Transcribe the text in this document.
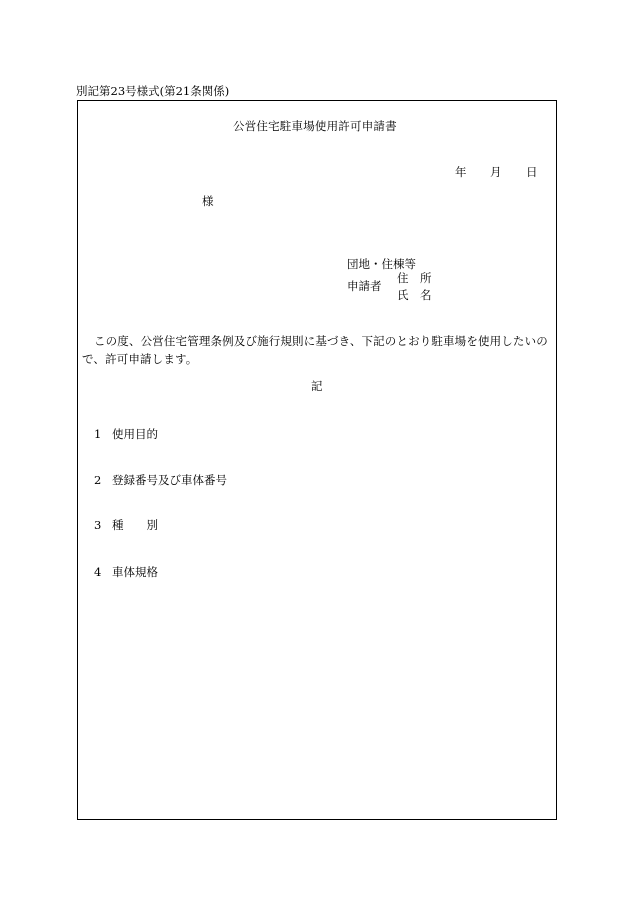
別記第23号様式(第21条関係)
公営住宅駐車場使用許可申請書
年 月 日
様
団地・住棟等
申請者
住　所
氏　名
この度、公営住宅管理条例及び施行規則に基づき、下記のとおり駐車場を使用したいので、許可申請します。
記
1 使用目的
2 登録番号及び車体番号
3 種　　別
4 車体規格
